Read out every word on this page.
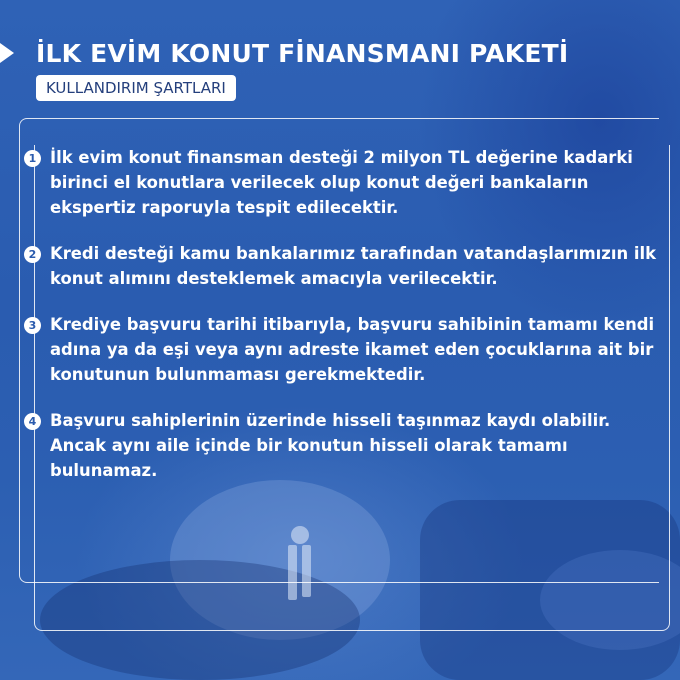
İLK EVİM KONUT FİNANSMANI PAKETİ
KULLANDIRIM ŞARTLARI
1 İlk evim konut finansman desteği 2 milyon TL değerine kadarki
birinci el konutlara verilecek olup konut değeri bankaların
ekspertiz raporuyla tespit edilecektir.
2 Kredi desteği kamu bankalarımız tarafından vatandaşlarımızın ilk
konut alımını desteklemek amacıyla verilecektir.
3 Krediye başvuru tarihi itibarıyla, başvuru sahibinin tamamı kendi
adına ya da eşi veya aynı adreste ikamet eden çocuklarına ait bir
konutunun bulunmaması gerekmektedir.
4 Başvuru sahiplerinin üzerinde hisseli taşınmaz kaydı olabilir.
Ancak aynı aile içinde bir konutun hisseli olarak tamamı
bulunamaz.
